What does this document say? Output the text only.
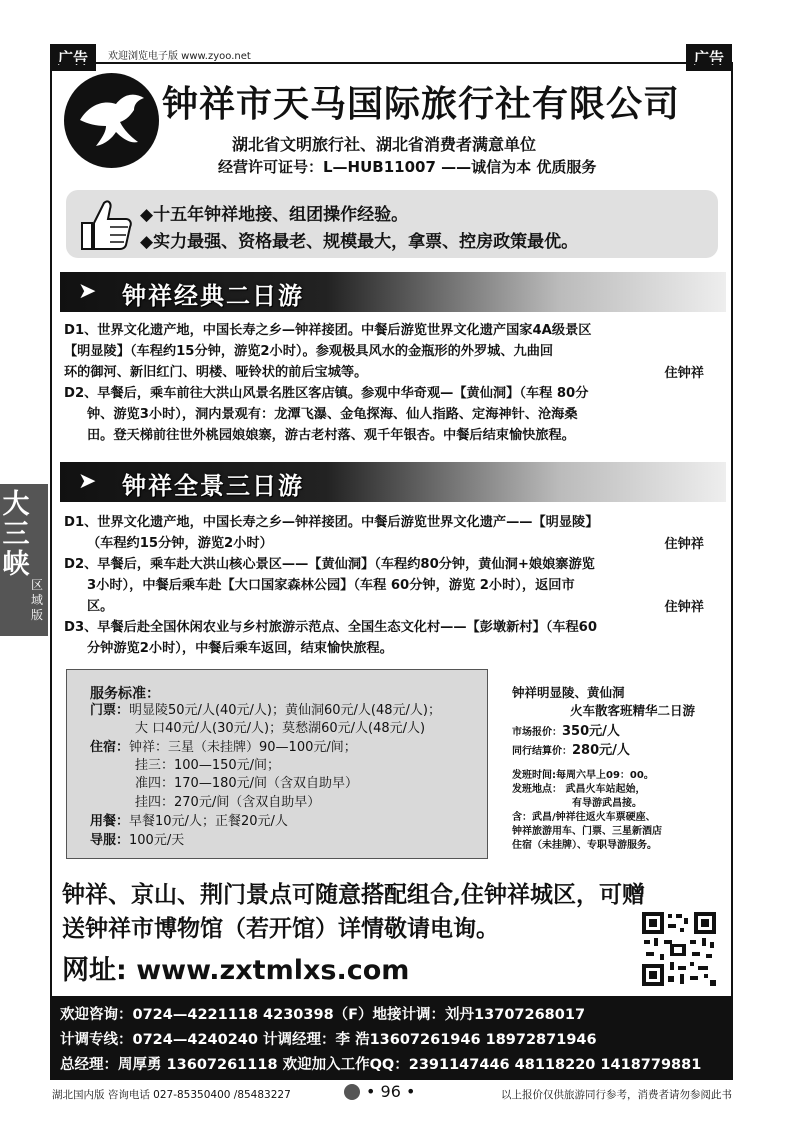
广告	欢迎浏览电子版 www.zyoo.net	广告
钟祥市天马国际旅行社有限公司
湖北省文明旅行社、湖北省消费者满意单位
经营许可证号：L—HUB11007 ——诚信为本 优质服务
◆十五年钟祥地接、组团操作经验。
◆实力最强、资格最老、规模最大，拿票、控房政策最优。
➤ 钟祥经典二日游
D1、世界文化遗产地，中国长寿之乡—钟祥接团。中餐后游览世界文化遗产国家4A级景区
【明显陵】（车程约15分钟，游览2小时）。参观极具风水的金瓶形的外罗城、九曲回
环的御河、新旧红门、明楼、哑铃状的前后宝城等。
D2、早餐后，乘车前往大洪山风景名胜区客店镇。参观中华奇观—【黄仙洞】（车程 80分

钟、游览3小时），洞内景观有：龙潭飞瀑、金龟探海、仙人指路、定海神针、沧海桑
田。登天梯前往世外桃园娘娘寨，游古老村落、观千年银杏。中餐后结束愉快旅程。
住钟祥
➤ 钟祥全景三日游
D1、世界文化遗产地，中国长寿之乡—钟祥接团。中餐后游览世界文化遗产——【明显陵】

（车程约15分钟，游览2小时）
D2、早餐后，乘车赴大洪山核心景区——【黄仙洞】（车程约80分钟，黄仙洞+娘娘寨游览

3小时），中餐后乘车赴【大口国家森林公园】（车程 60分钟，游览 2小时），返回市
区。
D3、早餐后赴全国休闲农业与乡村旅游示范点、全国生态文化村——【彭墩新村】（车程60

分钟游览2小时），中餐后乘车返回，结束愉快旅程。
住钟祥
住钟祥
大三峡
区域版
服务标准：
门票：明显陵50元/人(40元/人)；黄仙洞60元/人(48元/人)；
大 口40元/人(30元/人)；莫愁湖60元/人(48元/人)
住宿：钟祥：三星（未挂牌）90—100元/间；
挂三：100—150元/间；
准四：170—180元/间（含双自助早）
挂四：270元/间（含双自助早）
用餐：早餐10元/人；正餐20元/人
导服：100元/天
钟祥明显陵、黄仙洞
火车散客班精华二日游
市场报价：350元/人
同行结算价：280元/人
发班时间:每周六早上09：00。
发班地点： 武昌火车站起始，
有导游武昌接。
含：武昌/钟祥往返火车票硬座、
钟祥旅游用车、门票、三星新酒店
住宿（未挂牌）、专职导游服务。
钟祥、京山、荆门景点可随意搭配组合,住钟祥城区，可赠
送钟祥市博物馆（若开馆）详情敬请电询。
网址: www.zxtmlxs.com
欢迎咨询：0724—4221118 4230398（F）地接计调：刘丹13707268017
计调专线：0724—4240240 计调经理：李 浩13607261946 18972871946
总经理：周厚勇 13607261118 欢迎加入工作QQ：2391147446 48118220 1418779881
湖北国内版 咨询电话 027-85350400 /85483227	• 96 •	以上报价仅供旅游同行参考，消费者请勿参阅此书
